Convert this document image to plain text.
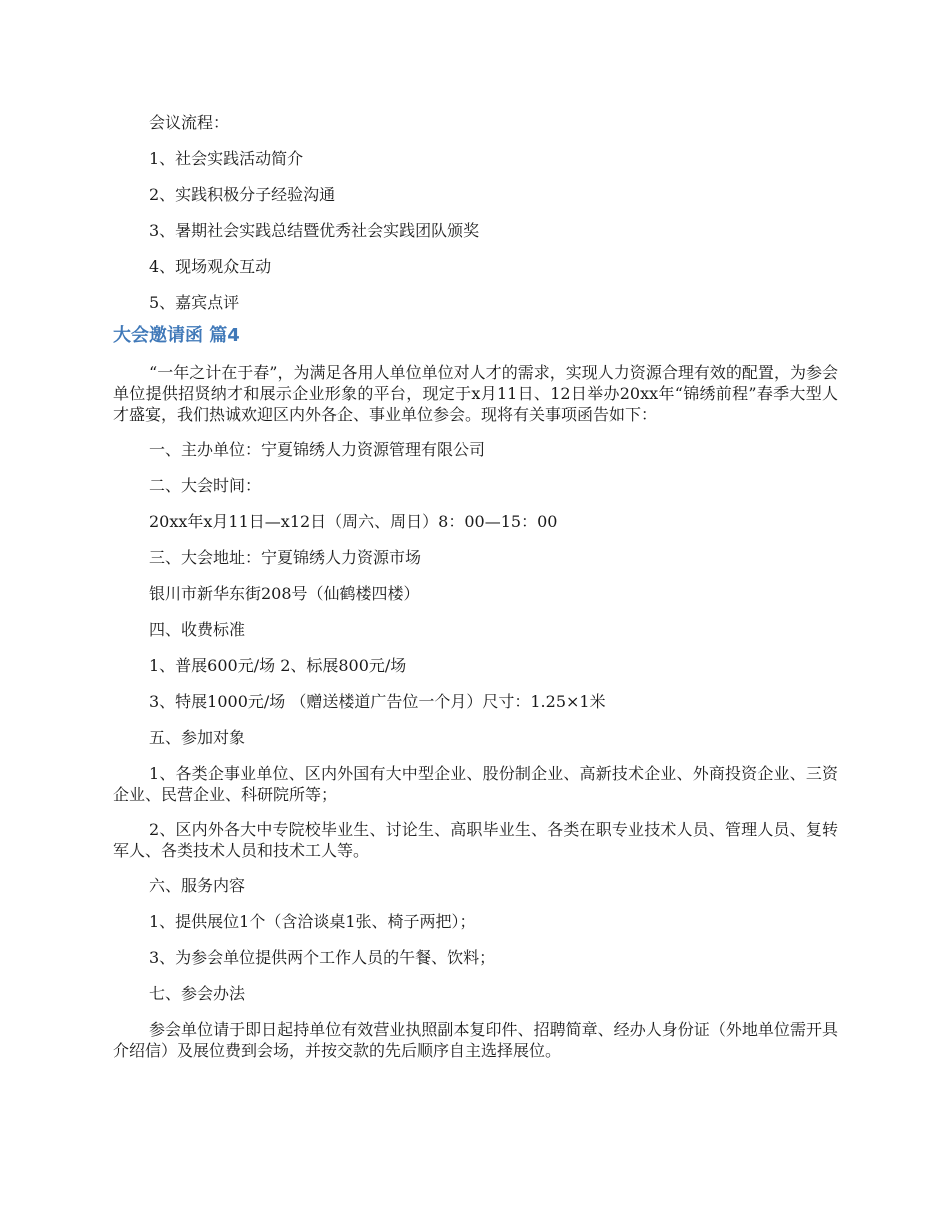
会议流程：

1、社会实践活动简介

2、实践积极分子经验沟通

3、暑期社会实践总结暨优秀社会实践团队颁奖

4、现场观众互动

5、嘉宾点评

大会邀请函 篇4

“一年之计在于春”，为满足各用人单位单位对人才的需求，实现人力资源合理有效的配置，为参会单位提供招贤纳才和展示企业形象的平台，现定于x月11日、12日举办20xx年“锦绣前程”春季大型人才盛宴，我们热诚欢迎区内外各企、事业单位参会。现将有关事项函告如下：

一、主办单位：宁夏锦绣人力资源管理有限公司

二、大会时间：

20xx年x月11日—x12日（周六、周日）8：00—15：00

三、大会地址：宁夏锦绣人力资源市场

银川市新华东街208号（仙鹤楼四楼）

四、收费标准

1、普展600元/场 2、标展800元/场

3、特展1000元/场 （赠送楼道广告位一个月）尺寸：1.25×1米

五、参加对象

1、各类企事业单位、区内外国有大中型企业、股份制企业、高新技术企业、外商投资企业、三资企业、民营企业、科研院所等；

2、区内外各大中专院校毕业生、讨论生、高职毕业生、各类在职专业技术人员、管理人员、复转军人、各类技术人员和技术工人等。

六、服务内容

1、提供展位1个（含洽谈桌1张、椅子两把）；

3、为参会单位提供两个工作人员的午餐、饮料；

七、参会办法

参会单位请于即日起持单位有效营业执照副本复印件、招聘简章、经办人身份证（外地单位需开具介绍信）及展位费到会场，并按交款的先后顺序自主选择展位。
